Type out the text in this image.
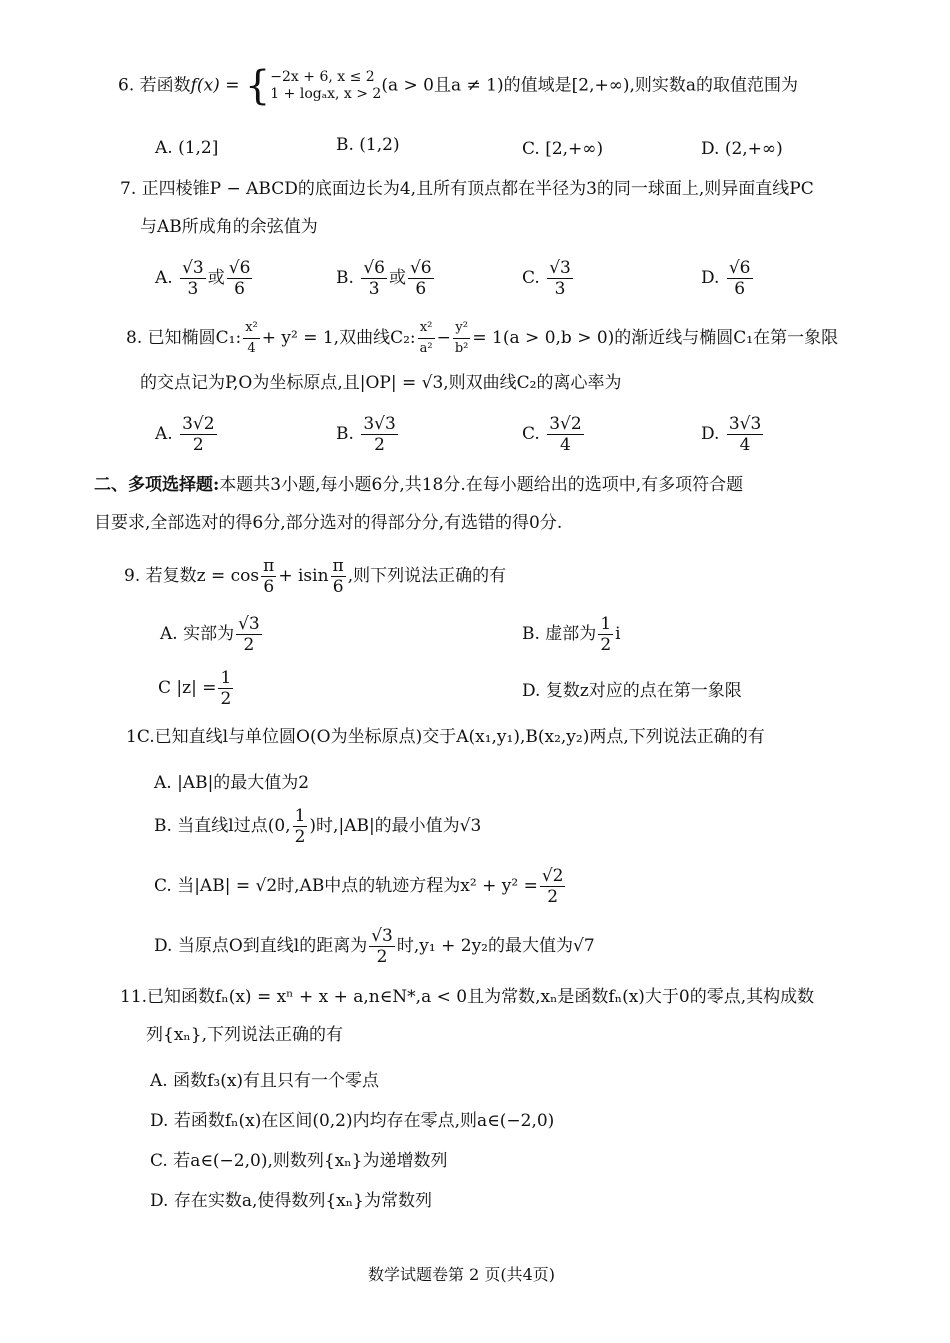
6. 若函数f(x) = { −2x + 6, x ≤ 2
1 + logₐx, x > 2 (a > 0且a ≠ 1)的值域是[2,+∞),则实数a的取值范围为
A. (1,2]	B. (1,2)	C. [2,+∞)	D. (2,+∞)
7. 正四棱锥P − ABCD的底面边长为4,且所有顶点都在半径为3的同一球面上,则异面直线PC
与AB所成角的余弦值为
A. $\frac{√3}{3}$ 或 $\frac{√6}{6}$	B. $\frac{√6}{3}$ 或 $\frac{√6}{6}$	C. $\frac{√3}{3}$	D. $\frac{√6}{6}$
8. 已知椭圆C₁: $\frac{\text{x²}}{4} + y^2 = 1$,双曲线C₂: $\frac{\text{x²}}{\text{a²}} - \frac{\text{y²}}{\text{b²}} = 1(a > 0,b > 0)$的渐近线与椭圆C₁在第一象限
的交点记为P,O为坐标原点,且|OP| = √3,则双曲线C₂的离心率为
A. $\frac{3√2}{2}$	B. $\frac{3√3}{2}$	C. $\frac{3√2}{4}$	D. $\frac{3√3}{4}$
二、多项选择题:本题共3小题,每小题6分,共18分.在每小题给出的选项中,有多项符合题
目要求,全部选对的得6分,部分选对的得部分分,有选错的得0分.
9. 若复数$z = \cos \frac{\pi}{6} + isin \frac{\pi}{6}$ ,则下列说法正确的有
A. 实部为 $\frac{√3}{2}$	B. 虚部为 $\frac{1}{2}$ i
C $|z| = \frac{1}{2}$	D. 复数z对应的点在第一象限
1C.已知直线l与单位圆O(O为坐标原点)交于A(x₁,y₁),B(x₂,y₂)两点,下列说法正确的有
A. |AB|的最大值为2
B. 当直线l过点(0, $\frac{1}{2}$ )时,|AB|的最小值为√3
C. 当|AB| = √2时,AB中点的轨迹方程为$x^2 + y^2 = \frac{√2}{2}$
D. 当原点O到直线l的距离为 $\frac{√3}{2}$ 时,y₁ + 2y₂的最大值为√7
11.已知函数fₙ(x) = xⁿ + x + a,n∈N*,a < 0且为常数,xₙ是函数fₙ(x)大于0的零点,其构成数
列{xₙ},下列说法正确的有
A. 函数f₃(x)有且只有一个零点
D. 若函数fₙ(x)在区间(0,2)内均存在零点,则a∈(−2,0)
C. 若a∈(−2,0),则数列{xₙ}为递增数列
D. 存在实数a,使得数列{xₙ}为常数列
数学试题卷第 2 页(共4页)
